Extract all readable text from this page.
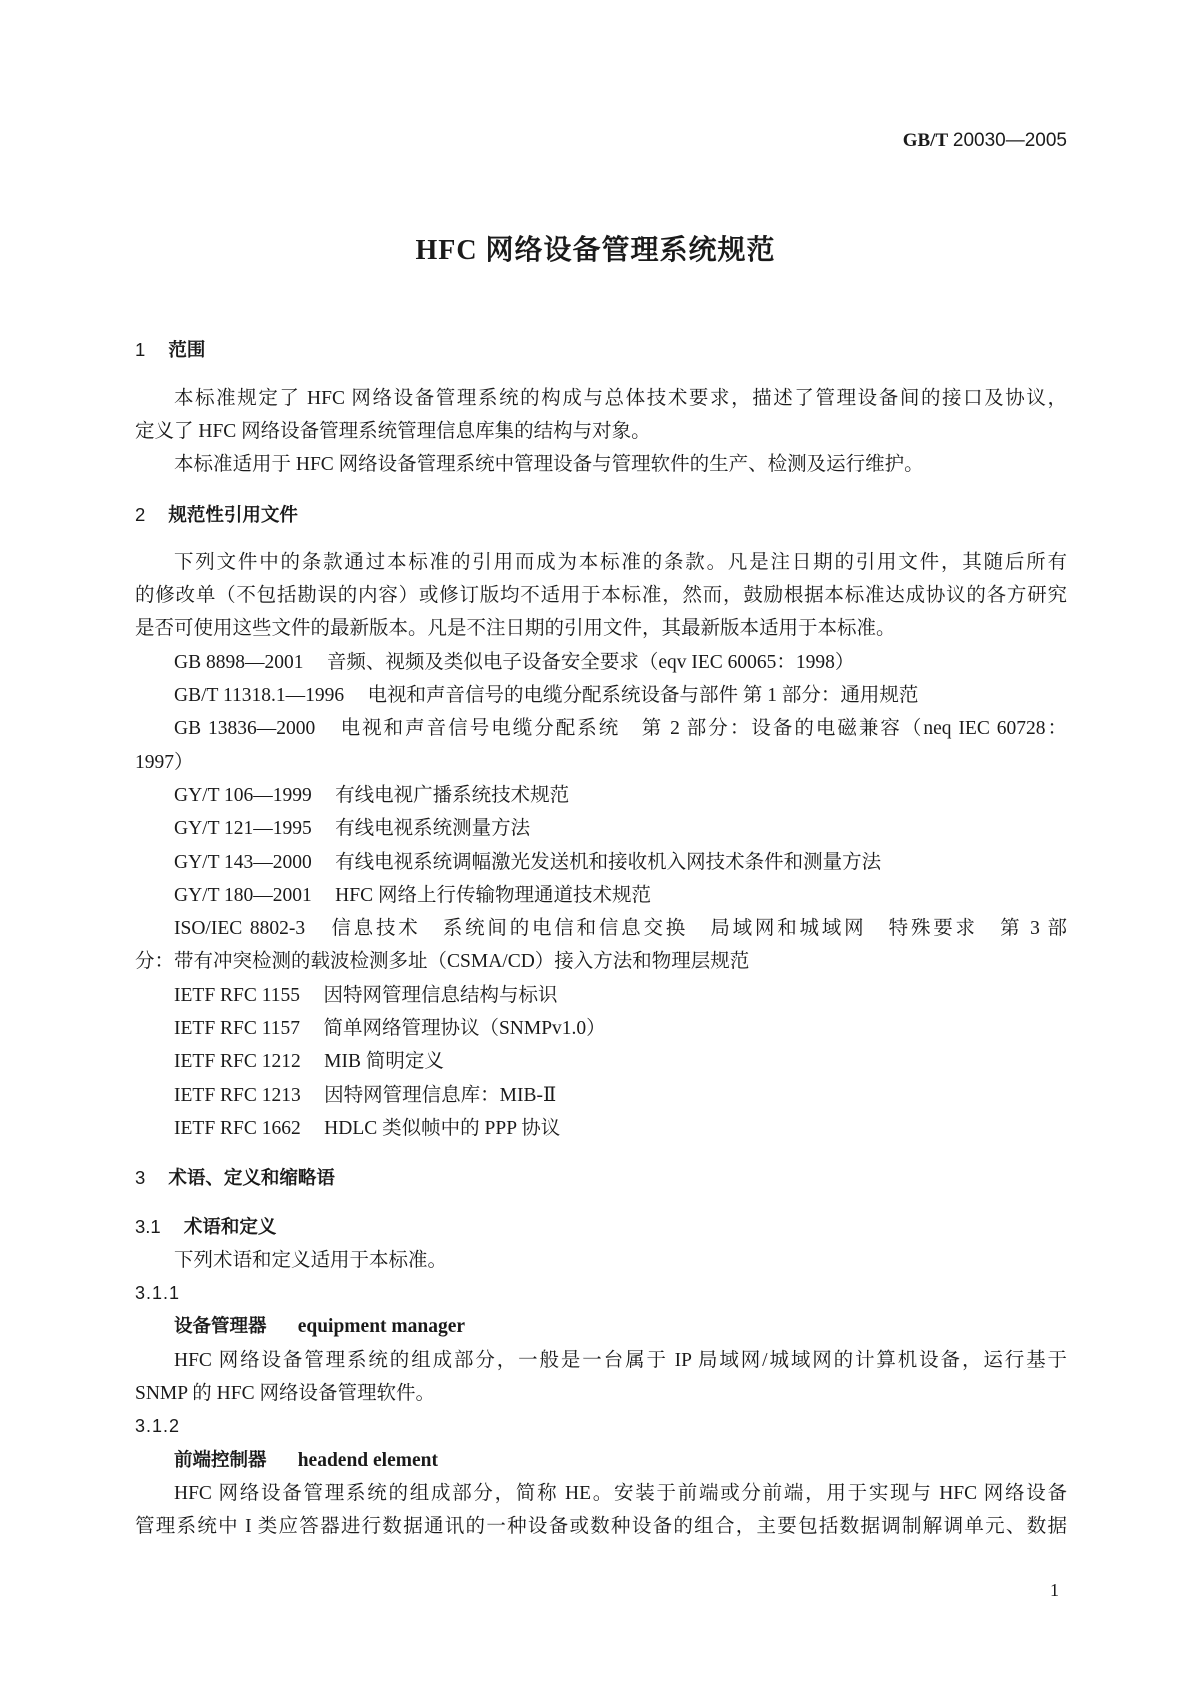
GB/T 20030—2005
HFC 网络设备管理系统规范
1 范围
本标准规定了 HFC 网络设备管理系统的构成与总体技术要求，描述了管理设备间的接口及协议，
定义了 HFC 网络设备管理系统管理信息库集的结构与对象。
本标准适用于 HFC 网络设备管理系统中管理设备与管理软件的生产、检测及运行维护。
2 规范性引用文件
下列文件中的条款通过本标准的引用而成为本标准的条款。凡是注日期的引用文件，其随后所有
的修改单（不包括勘误的内容）或修订版均不适用于本标准，然而，鼓励根据本标准达成协议的各方研究
是否可使用这些文件的最新版本。凡是不注日期的引用文件，其最新版本适用于本标准。
GB 8898—2001 音频、视频及类似电子设备安全要求（eqv IEC 60065：1998）
GB/T 11318.1—1996 电视和声音信号的电缆分配系统设备与部件 第 1 部分：通用规范
GB 13836—2000 电视和声音信号电缆分配系统　第 2 部分：设备的电磁兼容（neq IEC 60728：
1997）
GY/T 106—1999 有线电视广播系统技术规范
GY/T 121—1995 有线电视系统测量方法
GY/T 143—2000 有线电视系统调幅激光发送机和接收机入网技术条件和测量方法
GY/T 180—2001 HFC 网络上行传输物理通道技术规范
ISO/IEC 8802-3 信息技术　系统间的电信和信息交换　局域网和城域网　特殊要求　第 3 部
分：带有冲突检测的载波检测多址（CSMA/CD）接入方法和物理层规范
IETF RFC 1155 因特网管理信息结构与标识
IETF RFC 1157 简单网络管理协议（SNMPv1.0）
IETF RFC 1212 MIB 简明定义
IETF RFC 1213 因特网管理信息库：MIB-Ⅱ
IETF RFC 1662 HDLC 类似帧中的 PPP 协议
3 术语、定义和缩略语
3.1 术语和定义
下列术语和定义适用于本标准。
3.1.1
设备管理器 equipment manager
HFC 网络设备管理系统的组成部分，一般是一台属于 IP 局域网/城域网的计算机设备，运行基于
SNMP 的 HFC 网络设备管理软件。
3.1.2
前端控制器 headend element
HFC 网络设备管理系统的组成部分，简称 HE。安装于前端或分前端，用于实现与 HFC 网络设备
管理系统中 I 类应答器进行数据通讯的一种设备或数种设备的组合，主要包括数据调制解调单元、数据
1
